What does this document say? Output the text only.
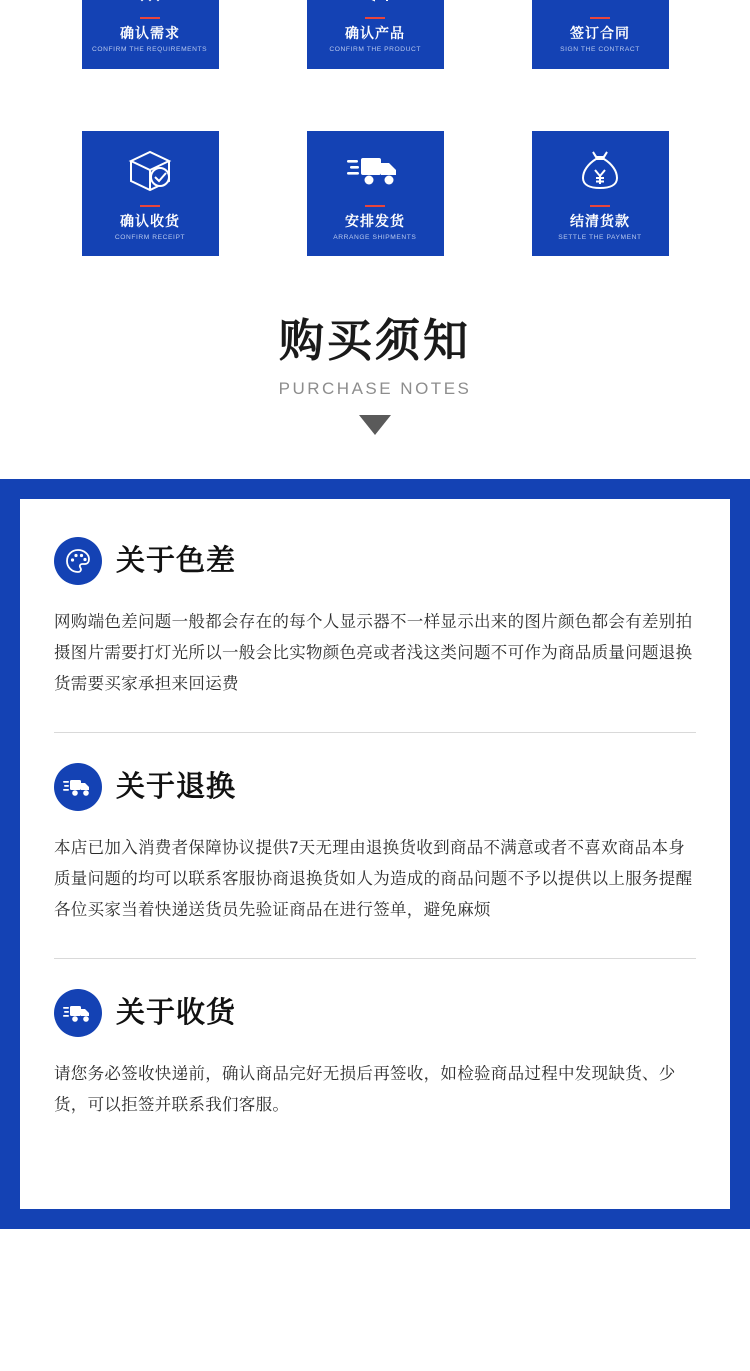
确认需求
CONFIRM THE REQUIREMENTS
确认产品
CONFIRM THE PRODUCT
签订合同
SIGN THE CONTRACT
确认收货
CONFIRM RECEIPT
安排发货
ARRANGE SHIPMENTS
结清货款
SETTLE THE PAYMENT
购买须知
PURCHASE NOTES
关于色差
网购端色差问题一般都会存在的每个人显示器不一样显示出来的图片颜色都会有差别拍摄图片需要打灯光所以一般会比实物颜色亮或者浅这类问题不可作为商品质量问题退换货需要买家承担来回运费
关于退换
本店已加入消费者保障协议提供7天无理由退换货收到商品不满意或者不喜欢商品本身质量问题的均可以联系客服协商退换货如人为造成的商品问题不予以提供以上服务提醒各位买家当着快递送货员先验证商品在进行签单，避免麻烦
关于收货
请您务必签收快递前，确认商品完好无损后再签收，如检验商品过程中发现缺货、少货，可以拒签并联系我们客服。
